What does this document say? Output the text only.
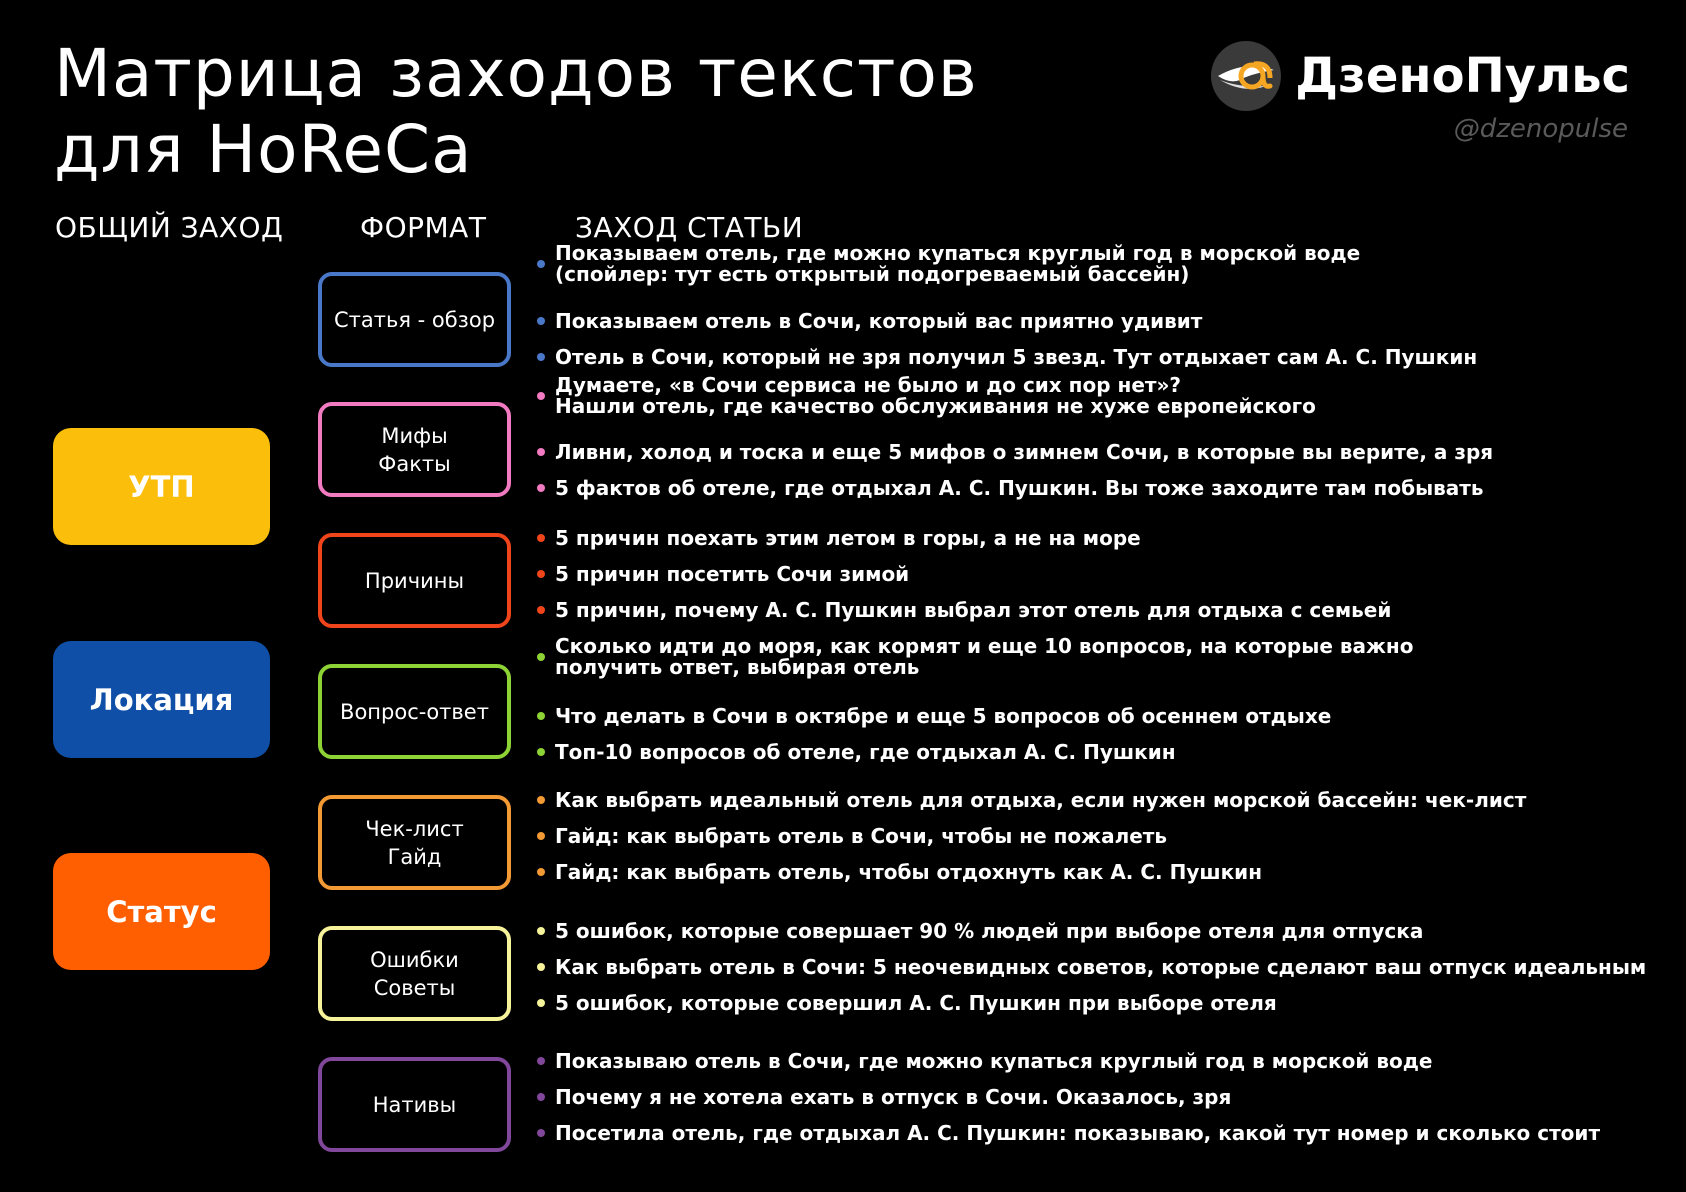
Матрица заходов текстов
для HoReCa
ДзеноПульс
@dzenopulse
ОБЩИЙ ЗАХОД	ФОРМАТ	ЗАХОД СТАТЬИ
УТП
Локация
Статус
Статья - обзор
Показываем отель, где можно купаться круглый год в морской воде
(спойлер: тут есть открытый подогреваемый бассейн)
Показываем отель в Сочи, который вас приятно удивит
Отель в Сочи, который не зря получил 5 звезд. Тут отдыхает сам А. С. Пушкин
Мифы
Факты
Думаете, «в Сочи сервиса не было и до сих пор нет»?
Нашли отель, где качество обслуживания не хуже европейского
Ливни, холод и тоска и еще 5 мифов о зимнем Сочи, в которые вы верите, а зря
5 фактов об отеле, где отдыхал А. С. Пушкин. Вы тоже заходите там побывать
Причины
5 причин поехать этим летом в горы, а не на море
5 причин посетить Сочи зимой
5 причин, почему А. С. Пушкин выбрал этот отель для отдыха с семьей
Вопрос-ответ
Сколько идти до моря, как кормят и еще 10 вопросов, на которые важно
получить ответ, выбирая отель
Что делать в Сочи в октябре и еще 5 вопросов об осеннем отдыхе
Топ-10 вопросов об отеле, где отдыхал А. С. Пушкин
Чек-лист
Гайд
Как выбрать идеальный отель для отдыха, если нужен морской бассейн: чек-лист
Гайд: как выбрать отель в Сочи, чтобы не пожалеть
Гайд: как выбрать отель, чтобы отдохнуть как А. С. Пушкин
Ошибки
Советы
5 ошибок, которые совершает 90 % людей при выборе отеля для отпуска
Как выбрать отель в Сочи: 5 неочевидных советов, которые сделают ваш отпуск идеальным
5 ошибок, которые совершил А. С. Пушкин при выборе отеля
Нативы
Показываю отель в Сочи, где можно купаться круглый год в морской воде
Почему я не хотела ехать в отпуск в Сочи. Оказалось, зря
Посетила отель, где отдыхал А. С. Пушкин: показываю, какой тут номер и сколько стоит
